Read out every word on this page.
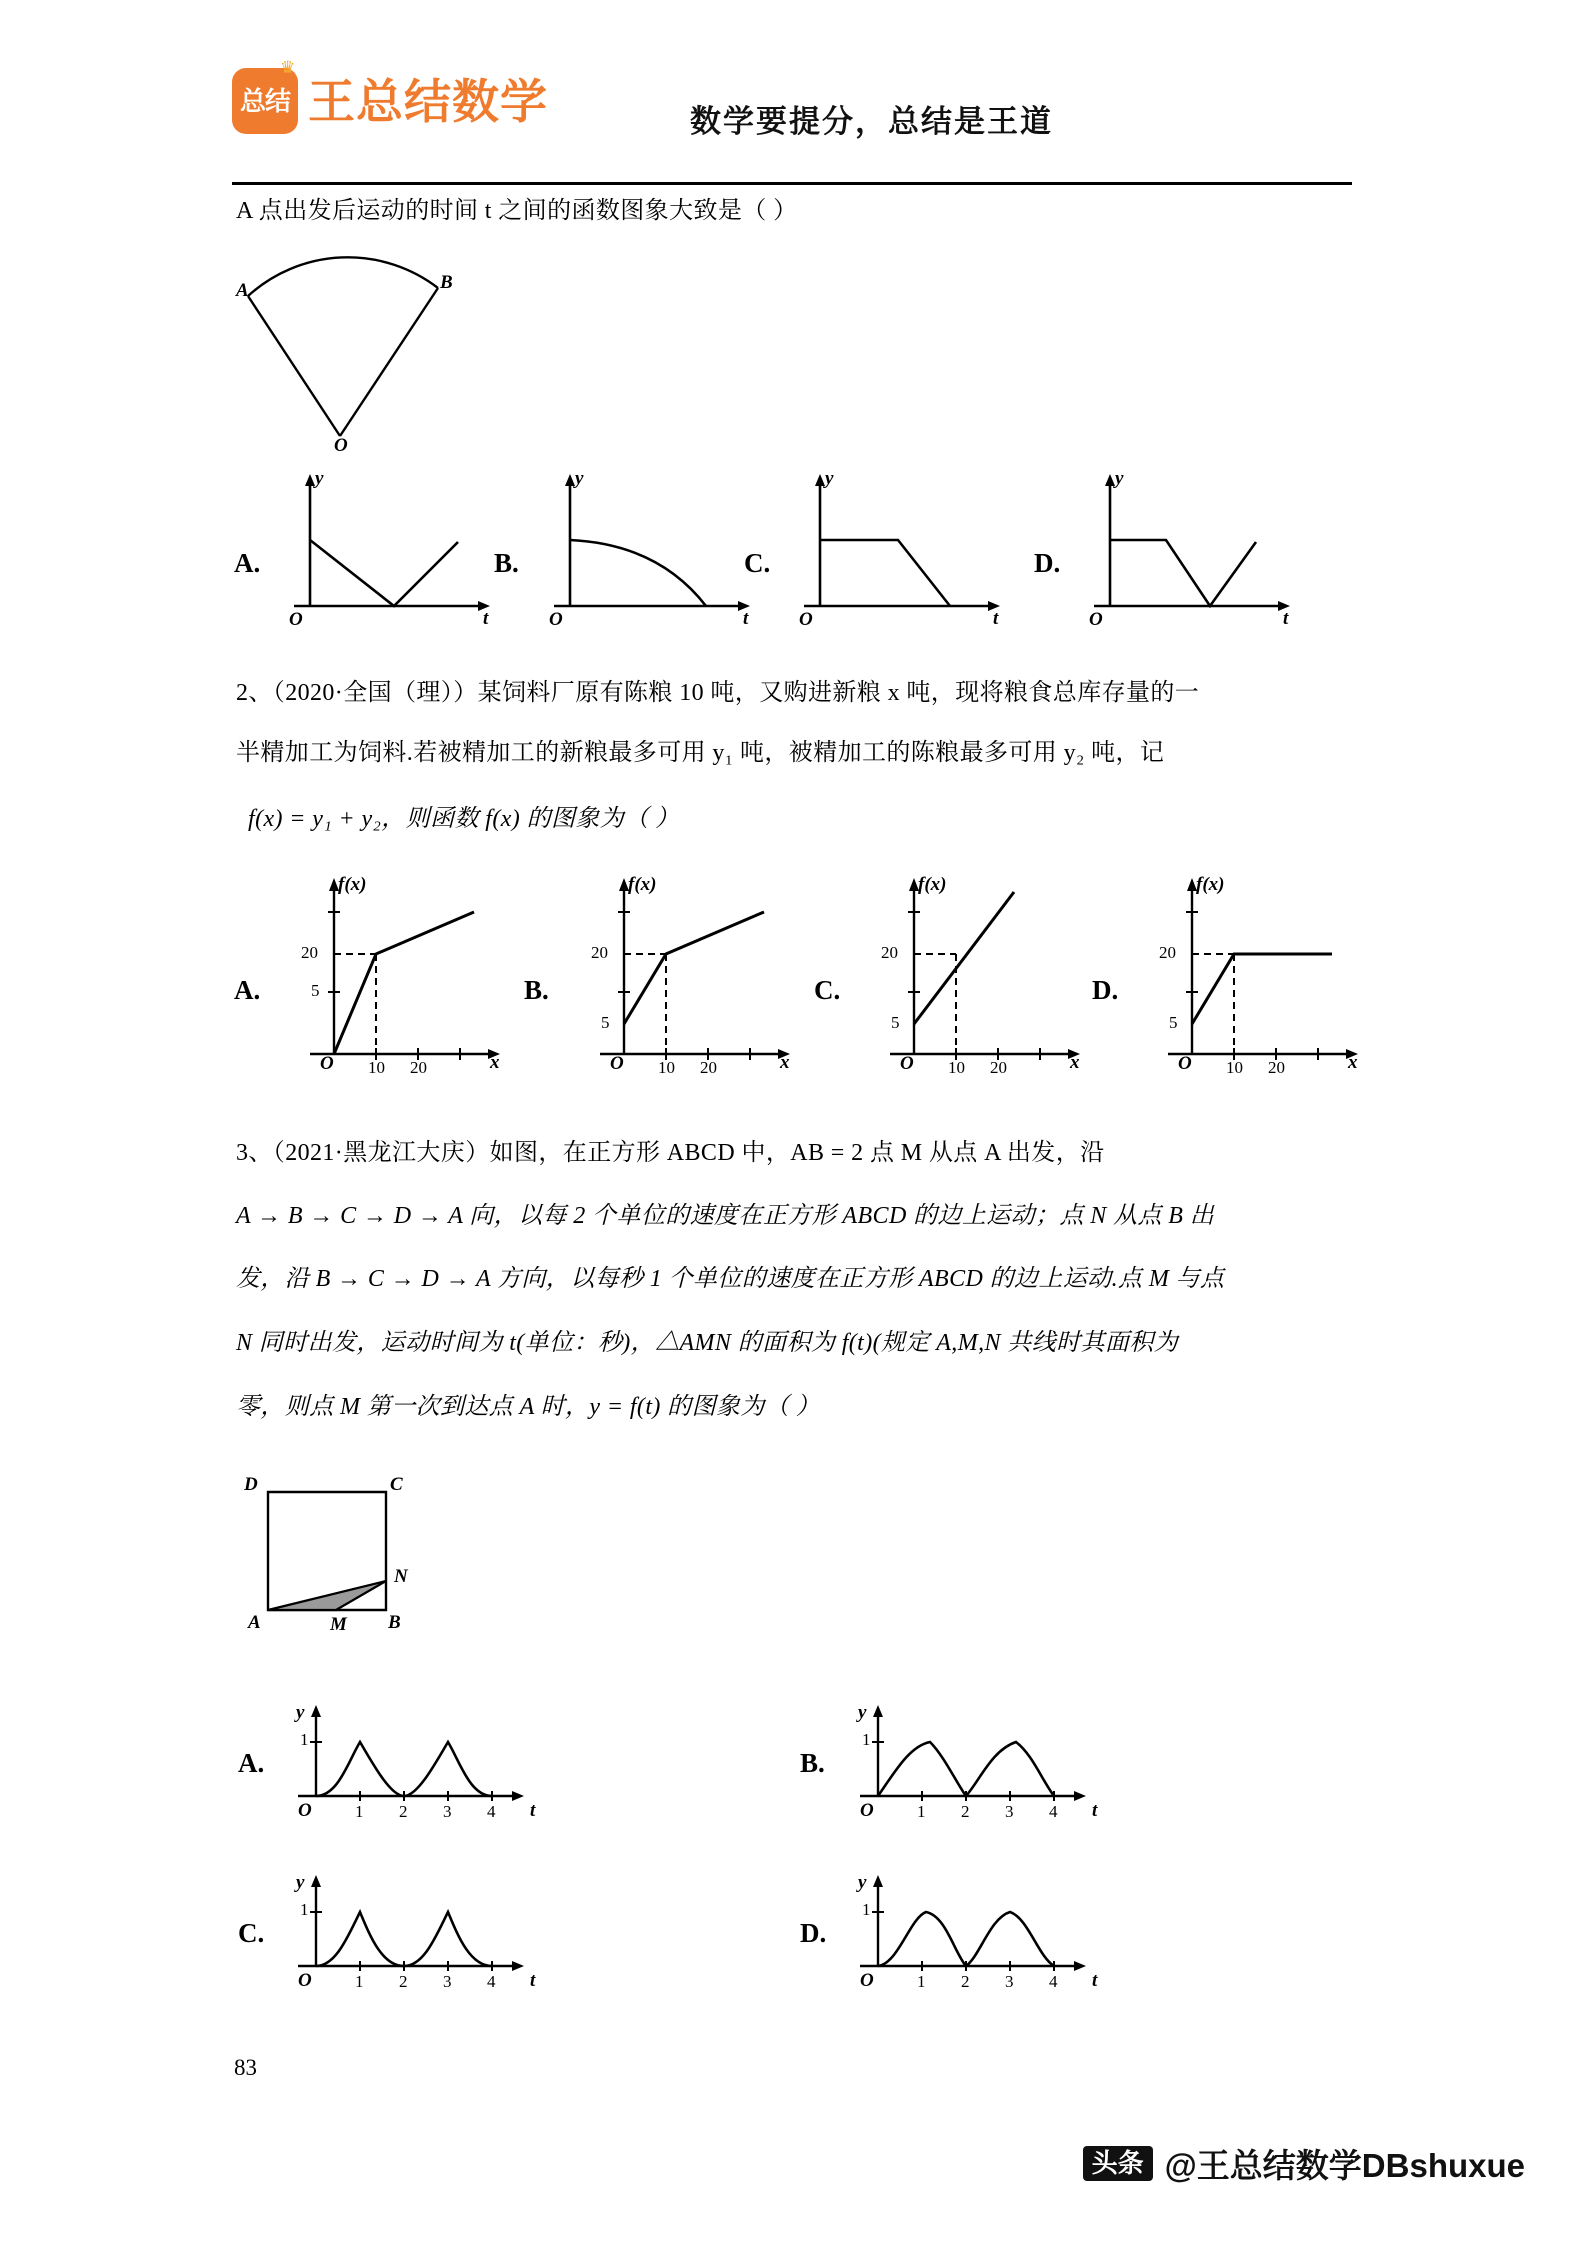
♛
总结 王总结数学	数学要提分，总结是王道
A 点出发后运动的时间 t 之间的函数图象大致是（ ）
A	B
O
A.
y
t
O
B.
y
t
O
C.
y
t
O
D.
y
t
O
2、（2020·全国（理））某饲料厂原有陈粮 10 吨，又购进新粮 x 吨，现将粮食总库存量的一
半精加工为饲料.若被精加工的新粮最多可用 y₁ 吨，被精加工的陈粮最多可用 y₂ 吨，记
f(x) = y₁ + y₂，则函数 f(x) 的图象为（ ）
A.
f(x)
20
5
10 20	x
O
B.
f(x)
20
5
10 20	x
O
C.
f(x)
20
5
10 20	x
O
D.
f(x)
20
5
10 20	x
O
3、（2021·黑龙江大庆）如图，在正方形 ABCD 中，AB = 2 点 M 从点 A 出发，沿
A → B → C → D → A 向，以每 2 个单位的速度在正方形 ABCD 的边上运动；点 N 从点 B 出
发，沿 B → C → D → A 方向，以每秒 1 个单位的速度在正方形 ABCD 的边上运动.点 M 与点
N 同时出发，运动时间为 t(单位：秒)，△AMN 的面积为 f(t)(规定 A,M,N 共线时其面积为
零，则点 M 第一次到达点 A 时，y = f(t) 的图象为（ ）
D	C
A	B
M
N
A.
y
1
O	1 2 3 4 t
B.
y
1
O	1 2 3 4 t
C.
y
1
O	1 2 3 4 t
D.
y
1
O	1 2 3 4 t
83
头条 @王总结数学DBshuxue
